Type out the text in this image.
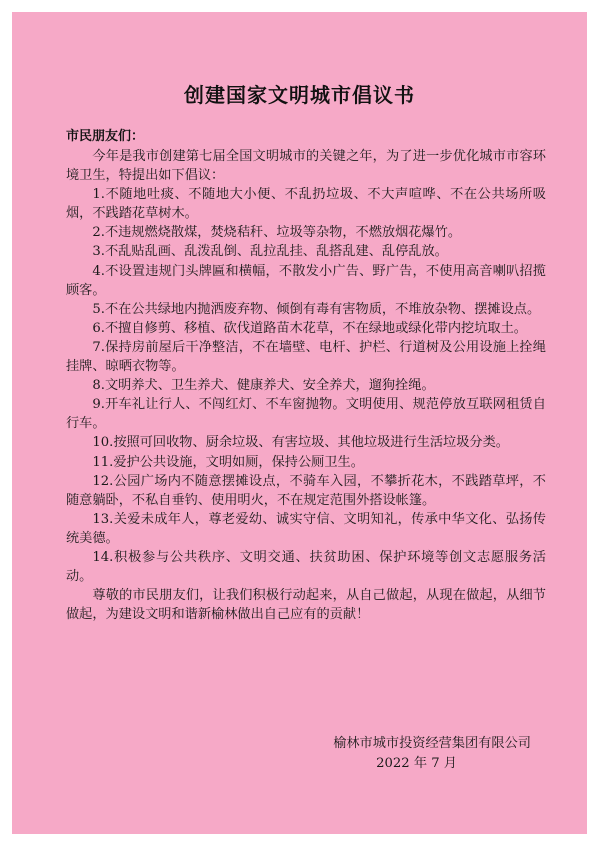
创建国家文明城市倡议书
市民朋友们：

今年是我市创建第七届全国文明城市的关键之年，为了进一步优化城市市容环境卫生，特提出如下倡议：

1.不随地吐痰、不随地大小便、不乱扔垃圾、不大声喧哗、不在公共场所吸烟，不践踏花草树木。

2.不违规燃烧散煤，焚烧秸秆、垃圾等杂物，不燃放烟花爆竹。

3.不乱贴乱画、乱泼乱倒、乱拉乱挂、乱搭乱建、乱停乱放。

4.不设置违规门头牌匾和横幅，不散发小广告、野广告，不使用高音喇叭招揽顾客。

5.不在公共绿地内抛洒废弃物、倾倒有毒有害物质，不堆放杂物、摆摊设点。

6.不擅自修剪、移植、砍伐道路苗木花草，不在绿地或绿化带内挖坑取土。

7.保持房前屋后干净整洁，不在墙壁、电杆、护栏、行道树及公用设施上拴绳挂牌、晾晒衣物等。

8.文明养犬、卫生养犬、健康养犬、安全养犬，遛狗拴绳。

9.开车礼让行人、不闯红灯、不车窗抛物。文明使用、规范停放互联网租赁自行车。

10.按照可回收物、厨余垃圾、有害垃圾、其他垃圾进行生活垃圾分类。

11.爱护公共设施，文明如厕，保持公厕卫生。

12.公园广场内不随意摆摊设点，不骑车入园，不攀折花木，不践踏草坪，不随意躺卧，不私自垂钓、使用明火，不在规定范围外搭设帐篷。

13.关爱未成年人，尊老爱幼、诚实守信、文明知礼，传承中华文化、弘扬传统美德。

14.积极参与公共秩序、文明交通、扶贫助困、保护环境等创文志愿服务活动。

尊敬的市民朋友们，让我们积极行动起来，从自己做起，从现在做起，从细节做起，为建设文明和谐新榆林做出自己应有的贡献！

榆林市城市投资经营集团有限公司
2022 年 7 月
